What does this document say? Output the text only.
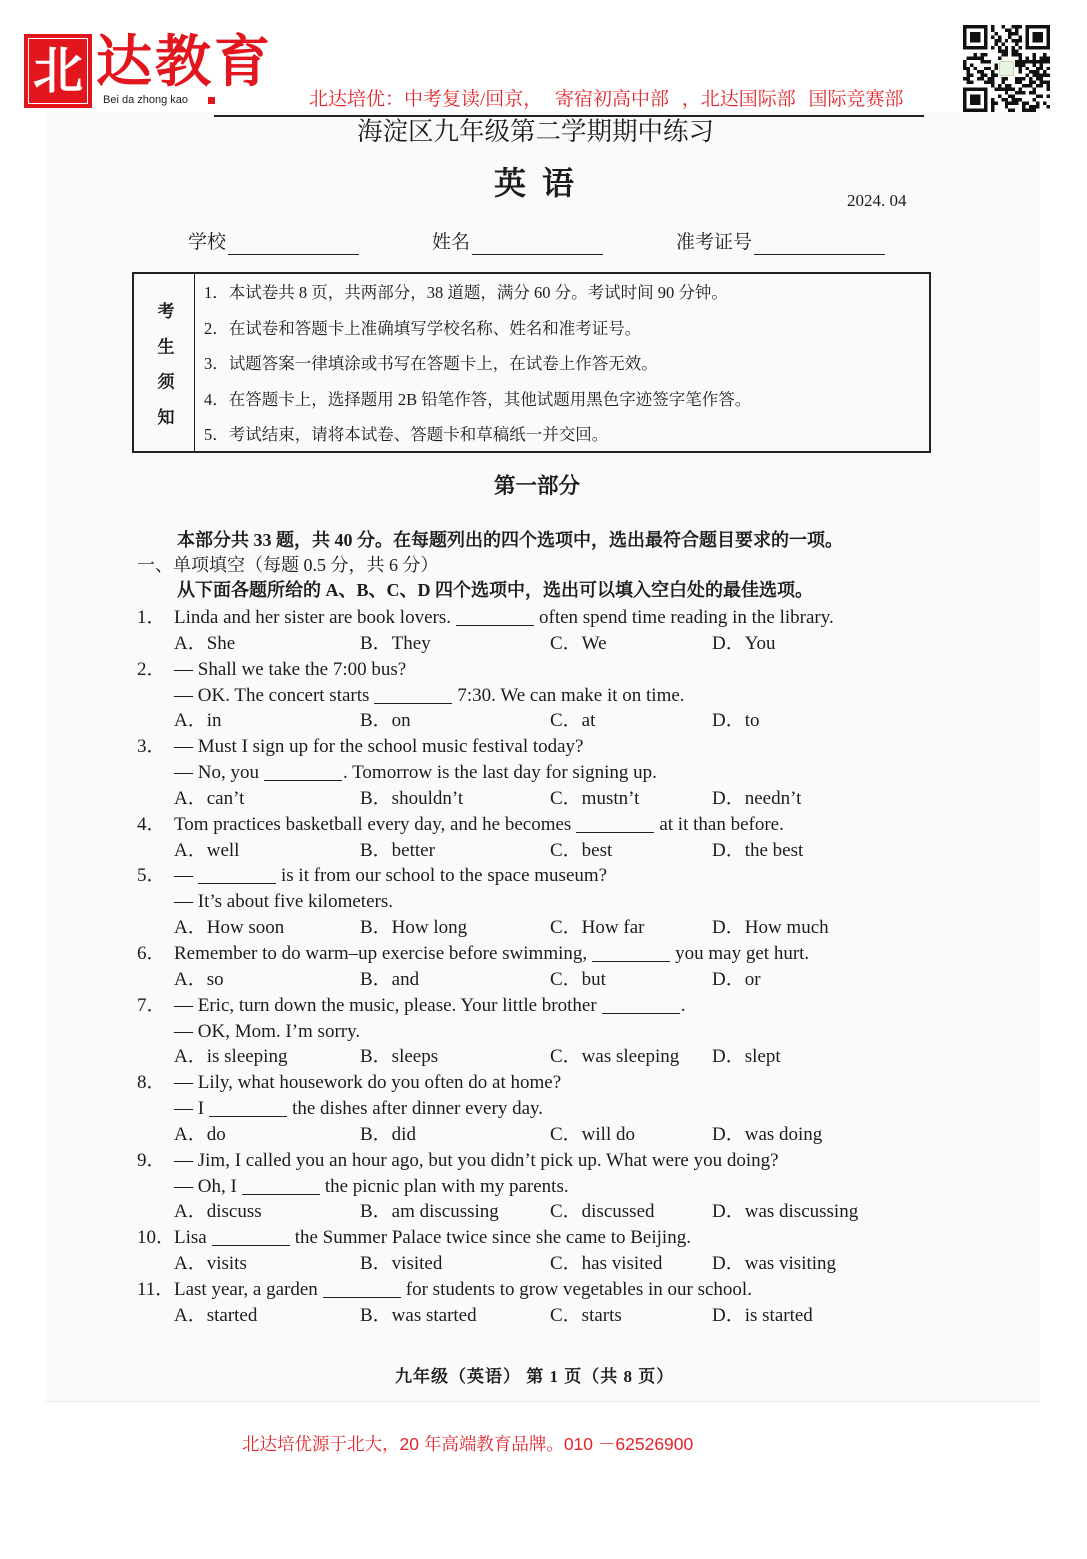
北 达教育
Bei da zhong kao	北达培优：中考复读/回京， 寄宿初高中部 ，北达国际部 国际竞赛部
海淀区九年级第二学期期中练习
英 语	2024. 04
学校	姓名	准考证号
考生须知
1．本试卷共 8 页，共两部分，38 道题，满分 60 分。考试时间 90 分钟。
2．在试卷和答题卡上准确填写学校名称、姓名和准考证号。
3．试题答案一律填涂或书写在答题卡上，在试卷上作答无效。
4．在答题卡上，选择题用 2B 铅笔作答，其他试题用黑色字迹签字笔作答。
5．考试结束，请将本试卷、答题卡和草稿纸一并交回。
第一部分
本部分共 33 题，共 40 分。在每题列出的四个选项中，选出最符合题目要求的一项。
一、单项填空（每题 0.5 分，共 6 分）
从下面各题所给的 A、B、C、D 四个选项中，选出可以填入空白处的最佳选项。
1． Linda and her sister are book lovers.	often spend time reading in the library.
A．She	B．They	C．We	D．You
2． — Shall we take the 7:00 bus?
— OK. The concert starts	7:30. We can make it on time.
A．in	B．on	C．at	D．to
3． — Must I sign up for the school music festival today?
— No, you	. Tomorrow is the last day for signing up.
A．can’t	B．shouldn’t	C．mustn’t	D．needn’t
4． Tom practices basketball every day, and he becomes	at it than before.
A．well	B．better	C．best	D．the best
5． —	is it from our school to the space museum?
— It’s about five kilometers.
A．How soon	B．How long	C．How far	D．How much
6． Remember to do warm–up exercise before swimming,	you may get hurt.
A．so	B．and	C．but	D．or
7． — Eric, turn down the music, please. Your little brother	.
— OK, Mom. I’m sorry.
A．is sleeping	B．sleeps	C．was sleeping	D．slept
8． — Lily, what housework do you often do at home?
— I	the dishes after dinner every day.
A．do	B．did	C．will do	D．was doing
9． — Jim, I called you an hour ago, but you didn’t pick up. What were you doing?
— Oh, I	the picnic plan with my parents.
A．discuss	B．am discussing	C．discussed	D．was discussing
10．
Lisa	the Summer Palace twice since she came to Beijing.
A．visits	B．visited	C．has visited	D．was visiting
11． Last year, a garden	for students to grow vegetables in our school.
A．started	B．was started	C．starts	D．is started
九年级（英语） 第 1 页（共 8 页）
北达培优源于北大，20 年高端教育品牌。010 －62526900
